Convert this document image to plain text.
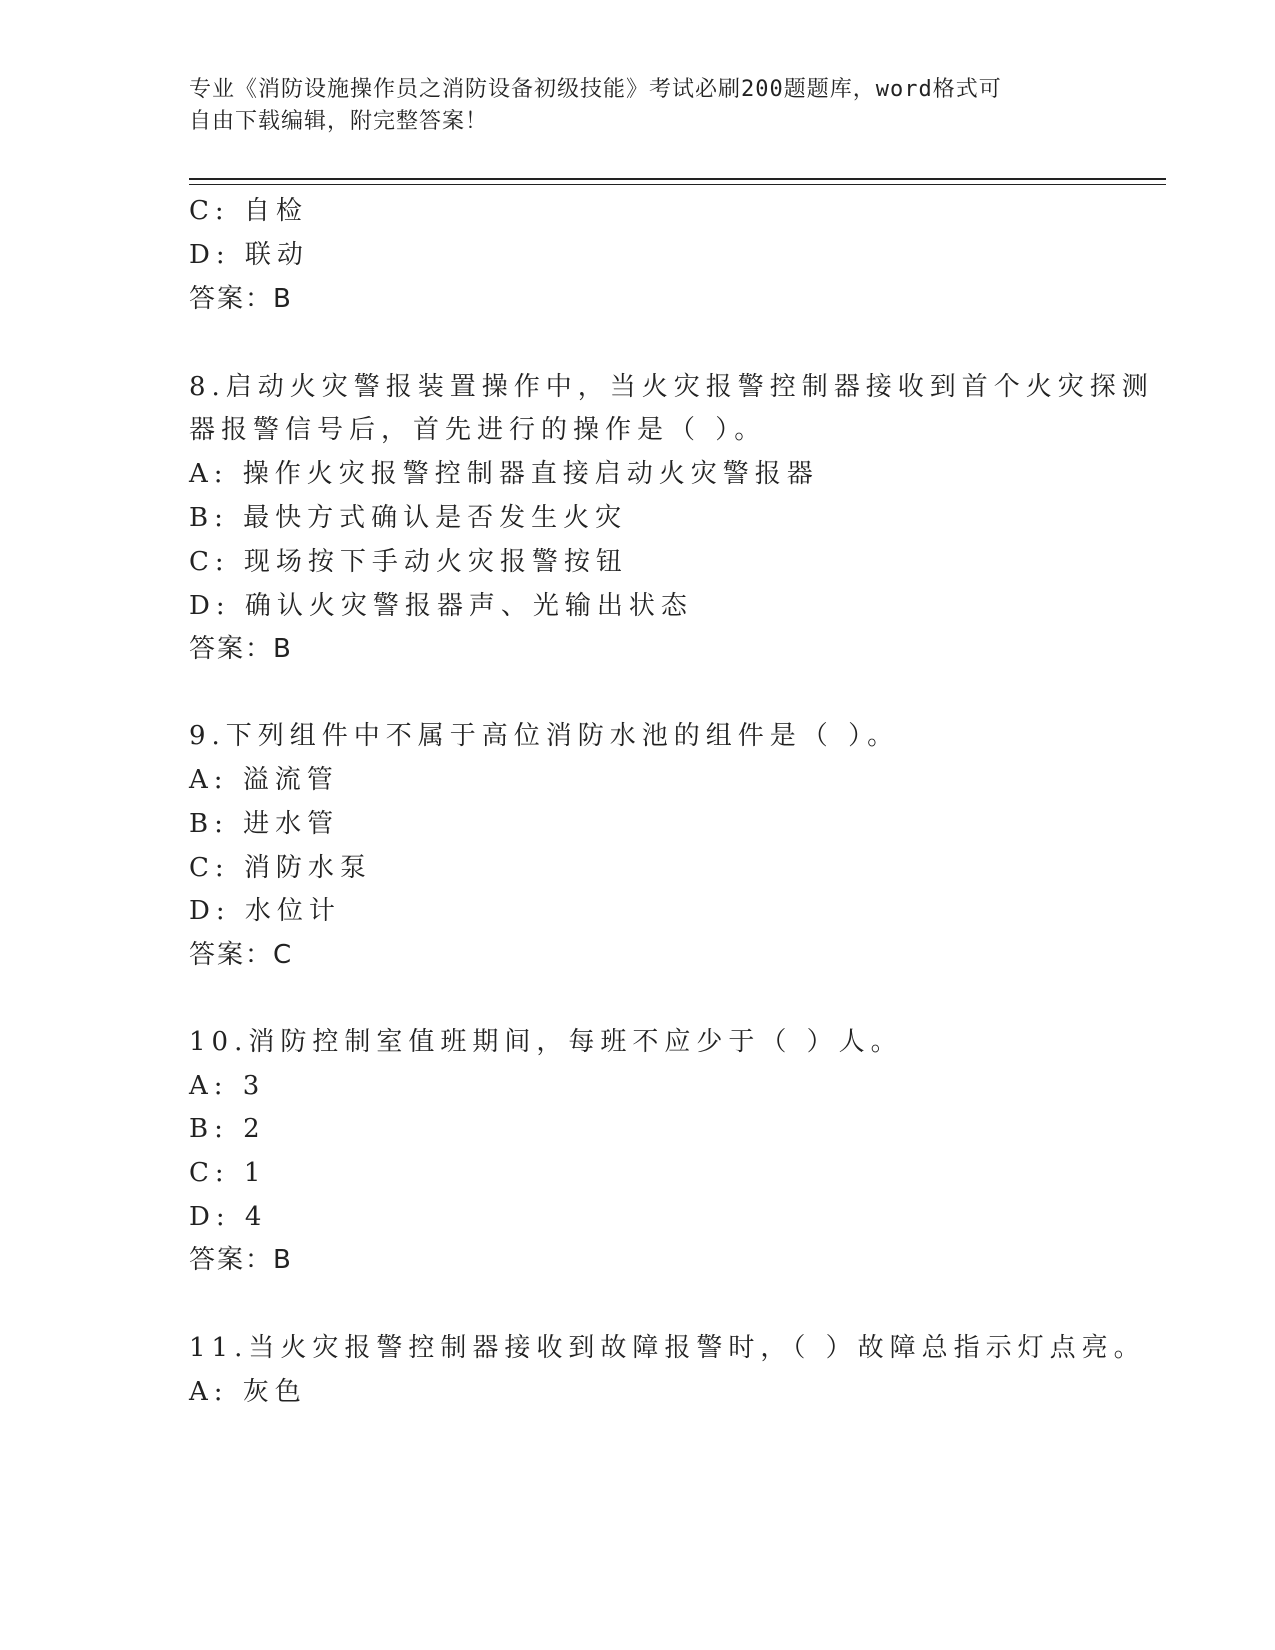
专业《消防设施操作员之消防设备初级技能》考试必刷200题题库，word格式可
自由下载编辑，附完整答案！
C: 自检
D: 联动
答案：B
8.启动火灾警报装置操作中，当火灾报警控制器接收到首个火灾探测
器报警信号后，首先进行的操作是（ ）。
A: 操作火灾报警控制器直接启动火灾警报器
B: 最快方式确认是否发生火灾
C: 现场按下手动火灾报警按钮
D: 确认火灾警报器声、光输出状态
答案：B
9.下列组件中不属于高位消防水池的组件是（ ）。
A: 溢流管
B: 进水管
C: 消防水泵
D: 水位计
答案：C
10.消防控制室值班期间，每班不应少于（ ）人。
A: 3
B: 2
C: 1
D: 4
答案：B
11.当火灾报警控制器接收到故障报警时，（ ）故障总指示灯点亮。
A: 灰色
